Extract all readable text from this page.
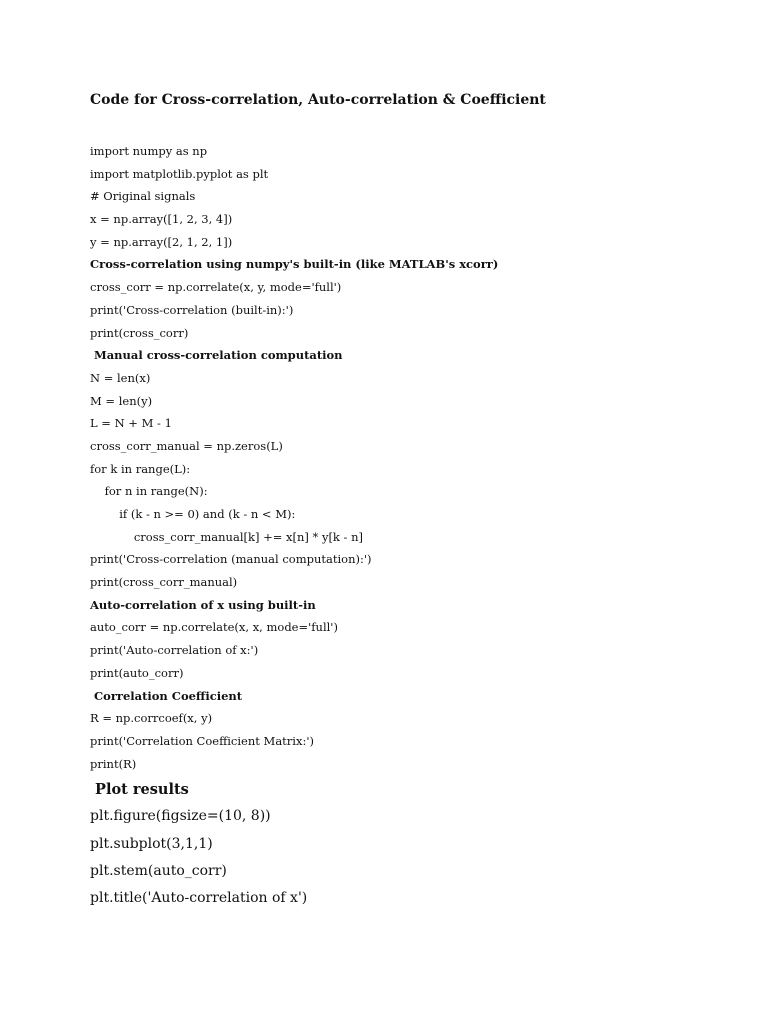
Code for Cross-correlation, Auto-correlation & Coefficient
import numpy as np
import matplotlib.pyplot as plt
# Original signals
x = np.array([1, 2, 3, 4])
y = np.array([2, 1, 2, 1])
Cross-correlation using numpy's built-in (like MATLAB's xcorr)
cross_corr = np.correlate(x, y, mode='full')
print('Cross-correlation (built-in):')
print(cross_corr)
Manual cross-correlation computation
N = len(x)
M = len(y)
L = N + M - 1
cross_corr_manual = np.zeros(L)
for k in range(L):
for n in range(N):
if (k - n >= 0) and (k - n < M):
cross_corr_manual[k] += x[n] * y[k - n]
print('Cross-correlation (manual computation):')
print(cross_corr_manual)
Auto-correlation of x using built-in
auto_corr = np.correlate(x, x, mode='full')
print('Auto-correlation of x:')
print(auto_corr)
Correlation Coefficient
R = np.corrcoef(x, y)
print('Correlation Coefficient Matrix:')
print(R)
Plot results
plt.figure(figsize=(10, 8))
plt.subplot(3,1,1)
plt.stem(auto_corr)
plt.title('Auto-correlation of x')
